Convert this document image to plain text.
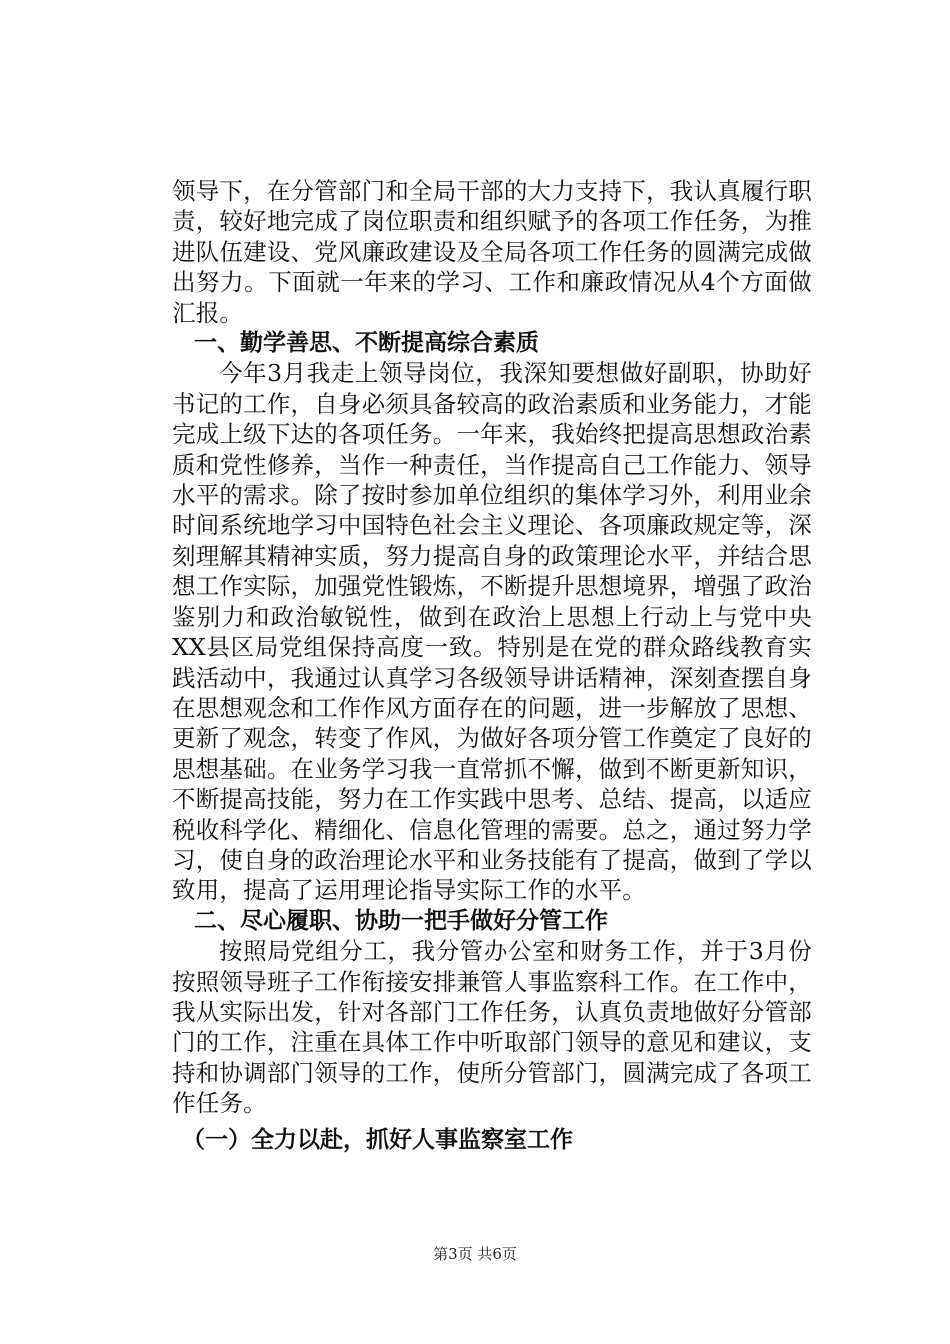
领导下，在分管部门和全局干部的大力支持下，我认真履行职责，较好地完成了岗位职责和组织赋予的各项工作任务，为推进队伍建设、党风廉政建设及全局各项工作任务的圆满完成做出努力。下面就一年来的学习、工作和廉政情况从4个方面做汇报。

一、勤学善思、不断提高综合素质

今年3月我走上领导岗位，我深知要想做好副职，协助好书记的工作，自身必须具备较高的政治素质和业务能力，才能完成上级下达的各项任务。一年来，我始终把提高思想政治素质和党性修养，当作一种责任，当作提高自己工作能力、领导水平的需求。除了按时参加单位组织的集体学习外，利用业余时间系统地学习中国特色社会主义理论、各项廉政规定等，深刻理解其精神实质，努力提高自身的政策理论水平，并结合思想工作实际，加强党性锻炼，不断提升思想境界，增强了政治鉴别力和政治敏锐性，做到在政治上思想上行动上与党中央XX县区局党组保持高度一致。特别是在党的群众路线教育实践活动中，我通过认真学习各级领导讲话精神，深刻查摆自身在思想观念和工作作风方面存在的问题，进一步解放了思想、更新了观念，转变了作风，为做好各项分管工作奠定了良好的思想基础。在业务学习我一直常抓不懈，做到不断更新知识，不断提高技能，努力在工作实践中思考、总结、提高，以适应税收科学化、精细化、信息化管理的需要。总之，通过努力学习，使自身的政治理论水平和业务技能有了提高，做到了学以致用，提高了运用理论指导实际工作的水平。

二、尽心履职、协助一把手做好分管工作

按照局党组分工，我分管办公室和财务工作，并于3月份按照领导班子工作衔接安排兼管人事监察科工作。在工作中，我从实际出发，针对各部门工作任务，认真负责地做好分管部门的工作，注重在具体工作中听取部门领导的意见和建议，支持和协调部门领导的工作，使所分管部门，圆满完成了各项工作任务。

（一）全力以赴，抓好人事监察室工作
第3页 共6页
